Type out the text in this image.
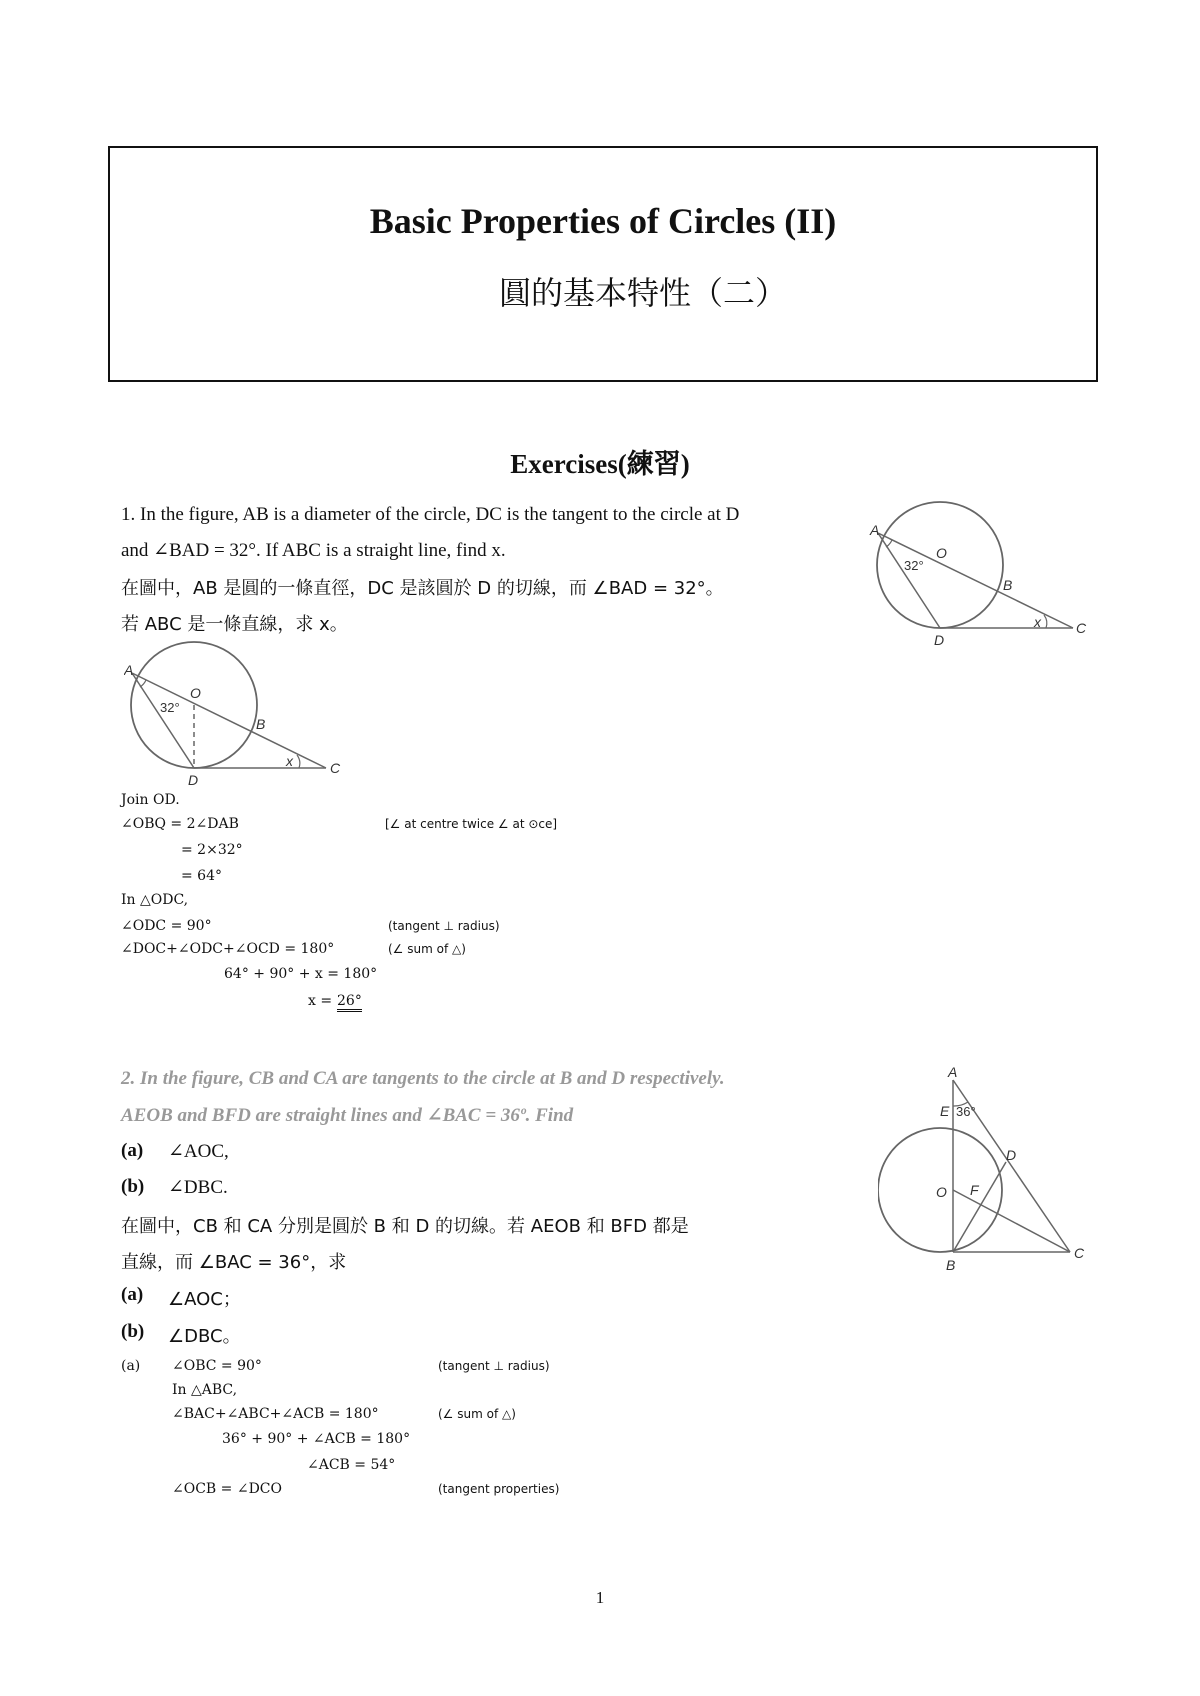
Basic Properties of Circles (II)
圓的基本特性（二）
Exercises(練習)
1. In the figure, AB is a diameter of the circle, DC is the tangent to the circle at D
and ∠BAD = 32°. If ABC is a straight line, find x.
在圖中，AB 是圓的一條直徑，DC 是該圓於 D 的切線，而 ∠BAD = 32°。
若 ABC 是一條直線，求 x。
A
O
32°
B
D
x	C
A
O
32°
B
D
x	C
Join OD.
∠OBQ = 2∠DAB	[∠ at centre twice ∠ at ⊙ce]
= 2×32°
= 64°
In △ODC,
∠ODC = 90°	(tangent ⊥ radius)
∠DOC+∠ODC+∠OCD = 180°	(∠ sum of △)
64° + 90° + x = 180°
x = 26°
2. In the figure, CB and CA are tangents to the circle at B and D respectively.
AEOB and BFD are straight lines and ∠BAC = 36º. Find
(a) ∠AOC,
(b) ∠DBC.
在圖中，CB 和 CA 分別是圓於 B 和 D 的切線。若 AEOB 和 BFD 都是
直線，而 ∠BAC = 36°，求
(a) ∠AOC；
(b) ∠DBC。
A
E 36°
D
O F
B
C
(a) ∠OBC = 90°	(tangent ⊥ radius)
In △ABC,
∠BAC+∠ABC+∠ACB = 180°	(∠ sum of △)
36° + 90° + ∠ACB = 180°
∠ACB = 54°
∠OCB = ∠DCO	(tangent properties)
1
